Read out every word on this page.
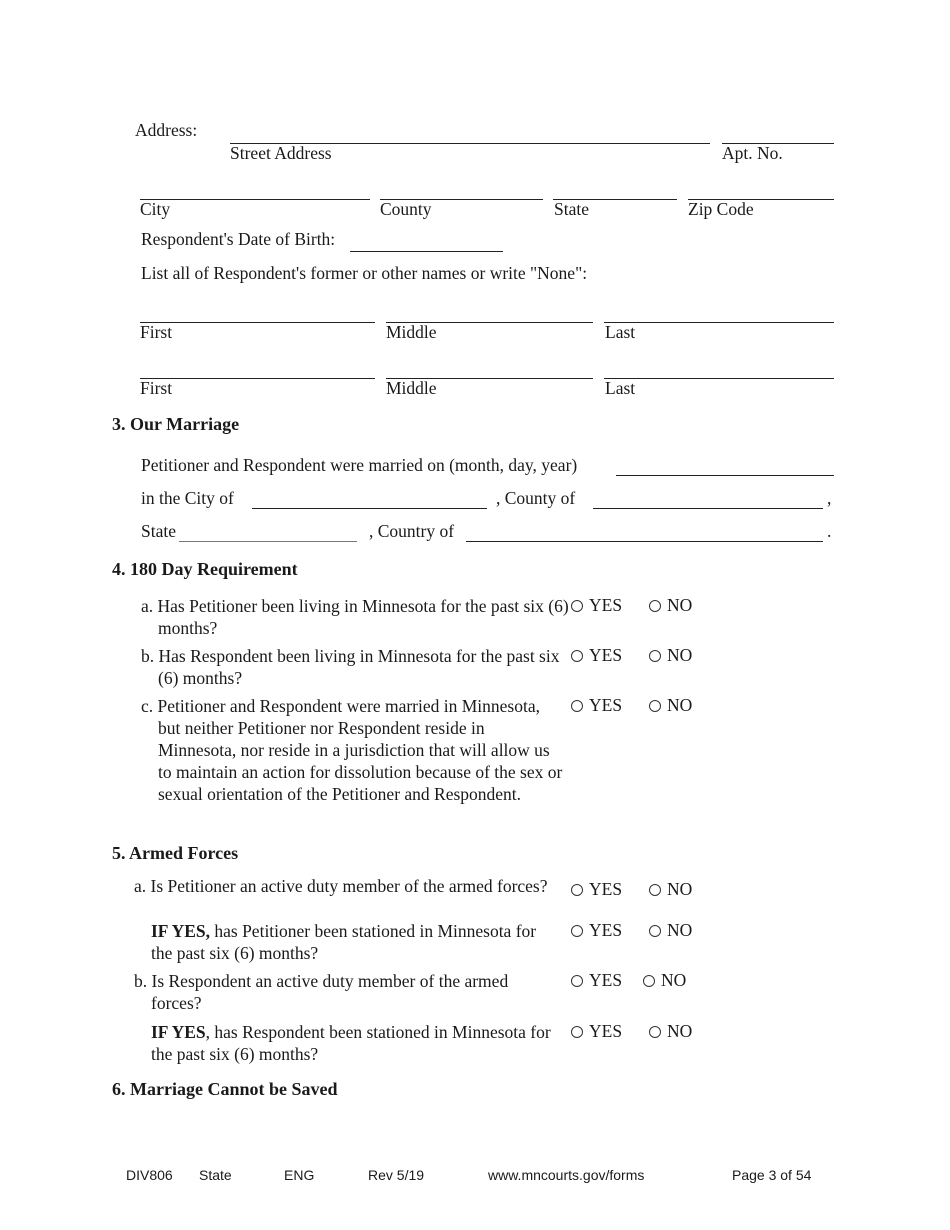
Address:
Street Address	Apt. No.
City	County	State	Zip Code
Respondent's Date of Birth:
List all of Respondent's former or other names or write "None":
First	Middle	Last
First	Middle	Last
3. Our Marriage
Petitioner and Respondent were married on (month, day, year)
in the City of	, County of	,
State	, Country of	.
4. 180 Day Requirement
a. Has Petitioner been living in Minnesota for the past six (6) months?
YES	NO
b. Has Respondent been living in Minnesota for the past six (6) months?
YES	NO
c. Petitioner and Respondent were married in Minnesota, but neither Petitioner nor Respondent reside in Minnesota, nor reside in a jurisdiction that will allow us to maintain an action for dissolution because of the sex or sexual orientation of the Petitioner and Respondent.
YES	NO
5. Armed Forces
a. Is Petitioner an active duty member of the armed forces?	YES	NO
IF YES, has Petitioner been stationed in Minnesota for the past six (6) months?
YES	NO
b. Is Respondent an active duty member of the armed forces?
YES	NO
IF YES, has Respondent been stationed in Minnesota for the past six (6) months?
YES	NO
6. Marriage Cannot be Saved
DIV806 State	ENG	Rev 5/19	www.mncourts.gov/forms	Page 3 of 54
